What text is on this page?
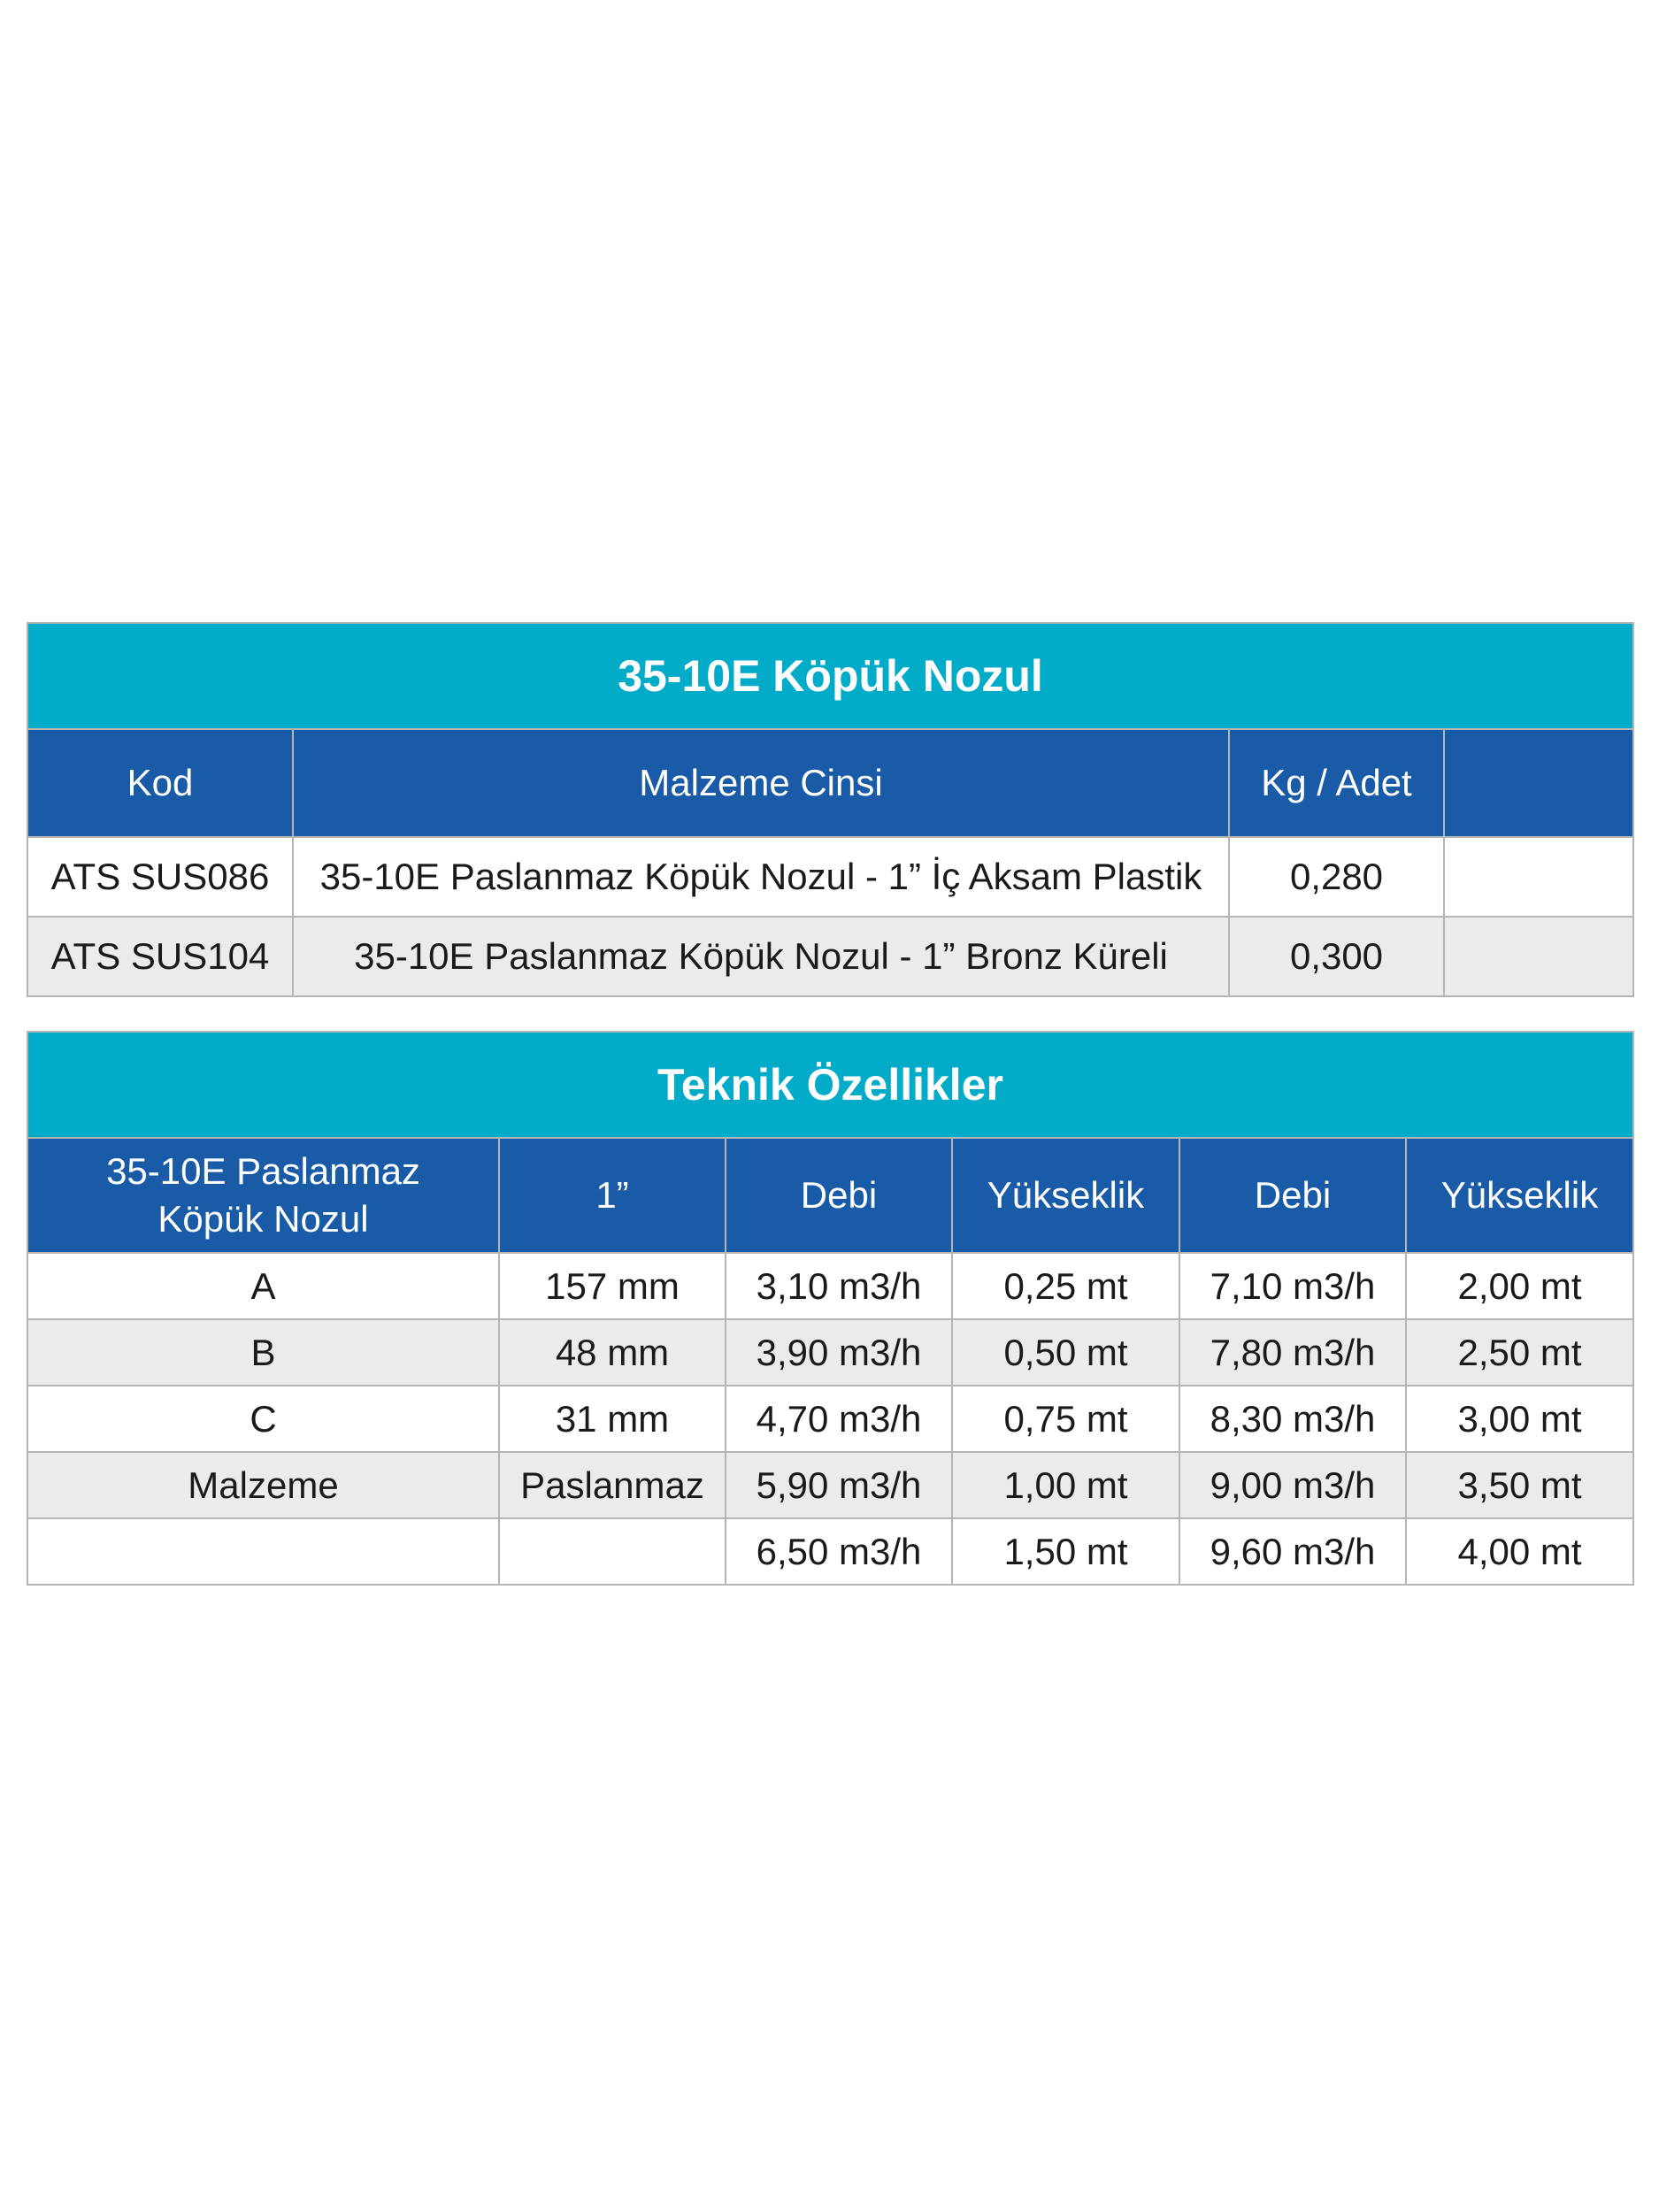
35-10E Köpük Nozul			
Kod	Malzeme Cinsi	Kg / Adet	
ATS SUS086	35-10E Paslanmaz Köpük Nozul - 1” İç Aksam Plastik	0,280	
ATS SUS104	35-10E Paslanmaz Köpük Nozul - 1” Bronz Küreli	0,300	
Teknik Özellikler					
35-10E Paslanmaz Köpük Nozul	1”	Debi	Yükseklik	Debi	Yükseklik
A	157 mm	3,10 m3/h	0,25 mt	7,10 m3/h	2,00 mt
B	48 mm	3,90 m3/h	0,50 mt	7,80 m3/h	2,50 mt
C	31 mm	4,70 m3/h	0,75 mt	8,30 m3/h	3,00 mt
Malzeme	Paslanmaz	5,90 m3/h	1,00 mt	9,00 m3/h	3,50 mt
		6,50 m3/h	1,50 mt	9,60 m3/h	4,00 mt
